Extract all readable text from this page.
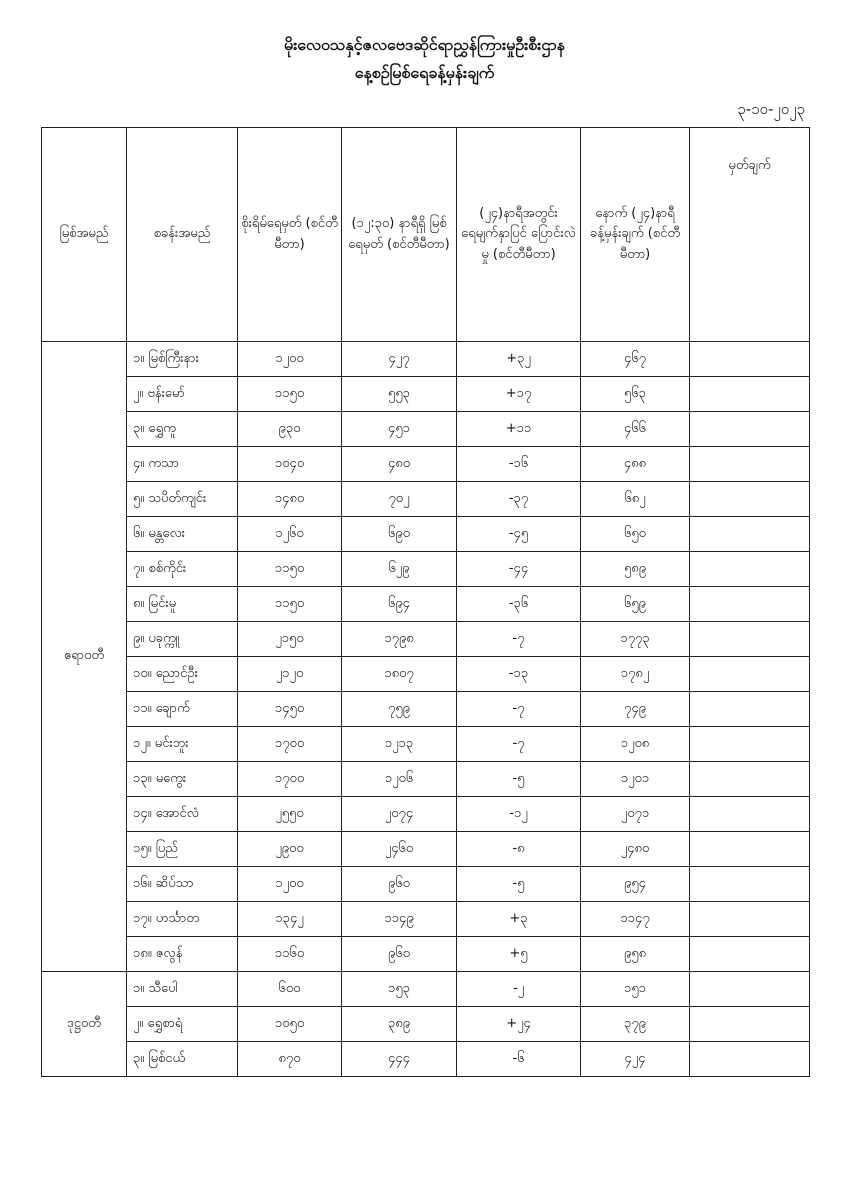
မိုးလေဝသနှင့်ဇလဗေဒဆိုင်ရာညွှန်ကြားမှုဦးစီးဌာန
နေ့စဉ်မြစ်ရေခန့်မှန်းချက်
၃-၁၀-၂၀၂၃
မြစ်အမည်	စခန်းအမည်	စိုးရိမ်ရေမှတ် (စင်တီမီတာ)	(၁၂:၃၀) နာရီရှိ မြစ်ရေမှတ် (စင်တီမီတာ)	(၂၄)နာရီအတွင်း ရေမျက်နှာပြင် ပြောင်းလဲမှု (စင်တီမီတာ)	နောက် (၂၄)နာရီ ခန့်မှန်းချက် (စင်တီမီတာ)	မှတ်ချက်
ဧရာဝတီ	၁။ မြစ်ကြီးနား	၁၂၀၀	၄၂၇	+၃၂	၄၆၇	
	၂။ ဗန်းမော်	၁၁၅၀	၅၅၃	+၁၇	၅၆၃	
	၃။ ရွှေကူ	၉၃၀	၄၅၁	+၁၁	၄၆၆	
	၄။ ကသာ	၁၀၄၀	၄၈၀	-၁၆	၄၈၈	
	၅။ သပိတ်ကျင်း	၁၄၈၀	၇၀၂	-၃၇	၆၈၂	
	၆။ မန္တလေး	၁၂၆၀	၆၉၀	-၄၅	၆၅၀	
	၇။ စစ်ကိုင်း	၁၁၅၀	၆၂၉	-၄၄	၅၈၉	
	၈။ မြင်းမူ	၁၁၅၀	၆၉၄	-၃၆	၆၅၉	
	၉။ ပခုက္ကူ	၂၁၅၀	၁၇၉၈	-၇	၁၇၇၃	
	၁၀။ ညောင်ဦး	၂၁၂၀	၁၈၀၇	-၁၃	၁၇၈၂	
	၁၁။ ချောက်	၁၄၅၀	၇၅၉	-၇	၇၄၉	
	၁၂။ မင်းဘူး	၁၇၀၀	၁၂၁၃	-၇	၁၂၀၈	
	၁၃။ မကွေး	၁၇၀၀	၁၂၀၆	-၅	၁၂၀၁	
	၁၄။ အောင်လံ	၂၅၅၀	၂၀၇၄	-၁၂	၂၀၇၁	
	၁၅။ ပြည်	၂၉၀၀	၂၄၆၀	-၈	၂၄၈၀	
	၁၆။ ဆိပ်သာ	၁၂၀၀	၉၆၀	-၅	၉၅၄	
	၁၇။ ဟင်္သာတ	၁၃၄၂	၁၁၄၉	+၃	၁၁၄၇	
	၁၈။ ဇလွန်	၁၁၆၀	၉၆၀	+၅	၉၅၈	
ဒုဋ္ဌဝတီ	၁။ သီပေါ	၆၀၀	၁၅၃	-၂	၁၅၁	
	၂။ ရွှေစာရံ	၁၀၅၀	၃၈၉	+၂၄	၃၇၉	
	၃။ မြစ်ငယ်	၈၇၀	၄၄၄	-၆	၄၂၄	
